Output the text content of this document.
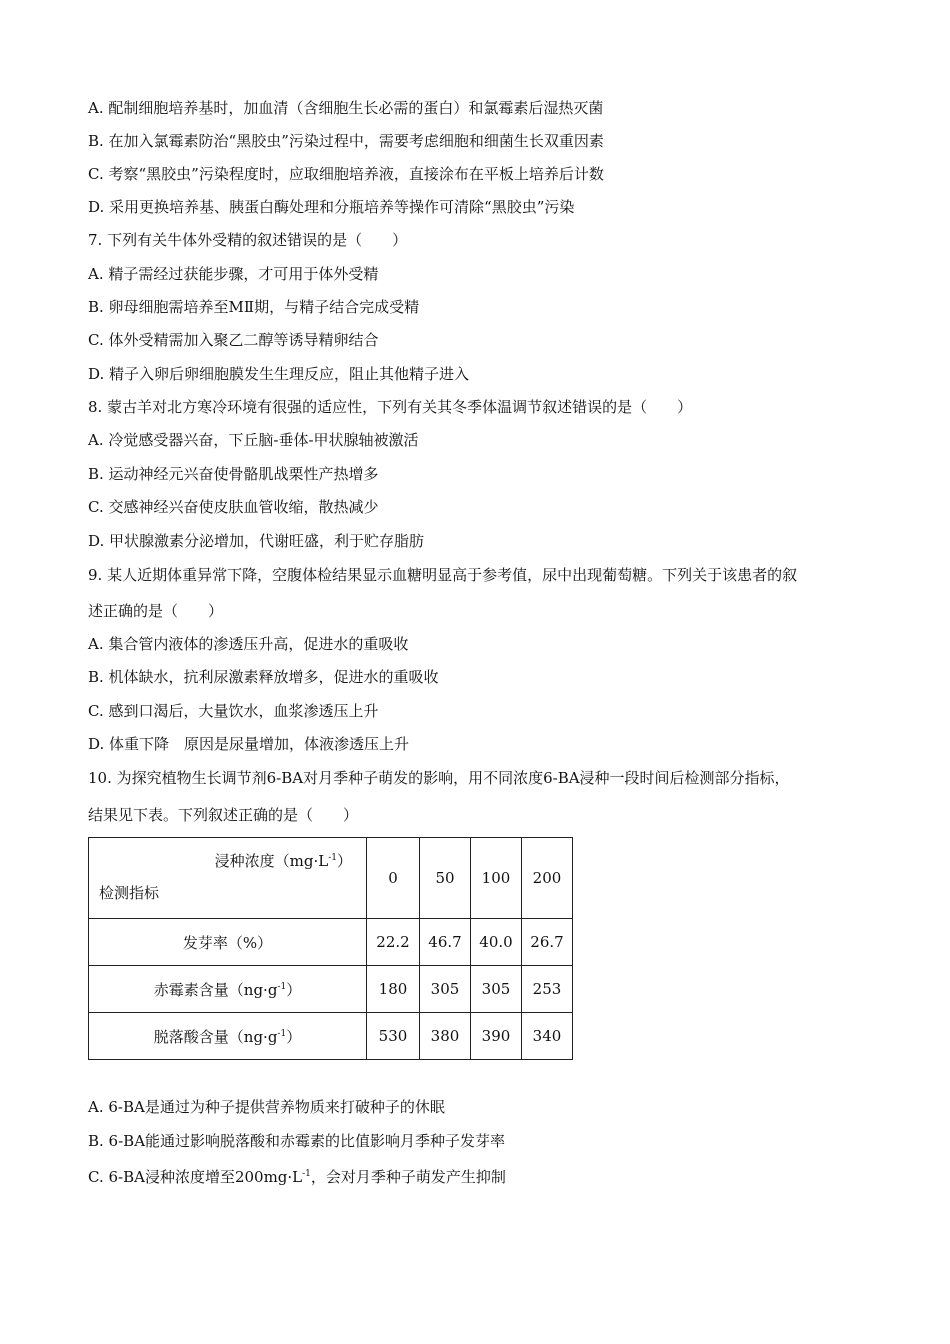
A. 配制细胞培养基时，加血清（含细胞生长必需的蛋白）和氯霉素后湿热灭菌
B. 在加入氯霉素防治“黑胶虫”污染过程中，需要考虑细胞和细菌生长双重因素
C. 考察“黑胶虫”污染程度时，应取细胞培养液，直接涂布在平板上培养后计数
D. 采用更换培养基、胰蛋白酶处理和分瓶培养等操作可清除“黑胶虫”污染
7. 下列有关牛体外受精的叙述错误的是（　　）
A. 精子需经过获能步骤，才可用于体外受精
B. 卵母细胞需培养至MⅡ期，与精子结合完成受精
C. 体外受精需加入聚乙二醇等诱导精卵结合
D. 精子入卵后卵细胞膜发生生理反应，阻止其他精子进入
8. 蒙古羊对北方寒冷环境有很强的适应性，下列有关其冬季体温调节叙述错误的是（　　）
A. 冷觉感受器兴奋，下丘脑-垂体-甲状腺轴被激活
B. 运动神经元兴奋使骨骼肌战栗性产热增多
C. 交感神经兴奋使皮肤血管收缩，散热减少
D. 甲状腺激素分泌增加，代谢旺盛，利于贮存脂肪
9. 某人近期体重异常下降，空腹体检结果显示血糖明显高于参考值，尿中出现葡萄糖。下列关于该患者的叙
述正确的是（　　）
A. 集合管内液体的渗透压升高，促进水的重吸收
B. 机体缺水，抗利尿激素释放增多，促进水的重吸收
C. 感到口渴后，大量饮水，血浆渗透压上升
D. 体重下降　原因是尿量增加，体液渗透压上升
10. 为探究植物生长调节剂6-BA对月季种子萌发的影响，用不同浓度6-BA浸种一段时间后检测部分指标，
结果见下表。下列叙述正确的是（　　）
浸种浓度$(mg\cdot L^{-1})$
检测指标	0	50	100	200
发芽率（%）	22.2	46.7	40.0	26.7
赤霉素含量$(ng\cdot g^{-1})$	180	305	305	253
脱落酸含量$(ng\cdot g^{-1})$	530	380	390	340
A. 6-BA是通过为种子提供营养物质来打破种子的休眠
B. 6-BA能通过影响脱落酸和赤霉素的比值影响月季种子发芽率
C. 6-BA浸种浓度增至$200mg\cdot L^{-1}$，会对月季种子萌发产生抑制
